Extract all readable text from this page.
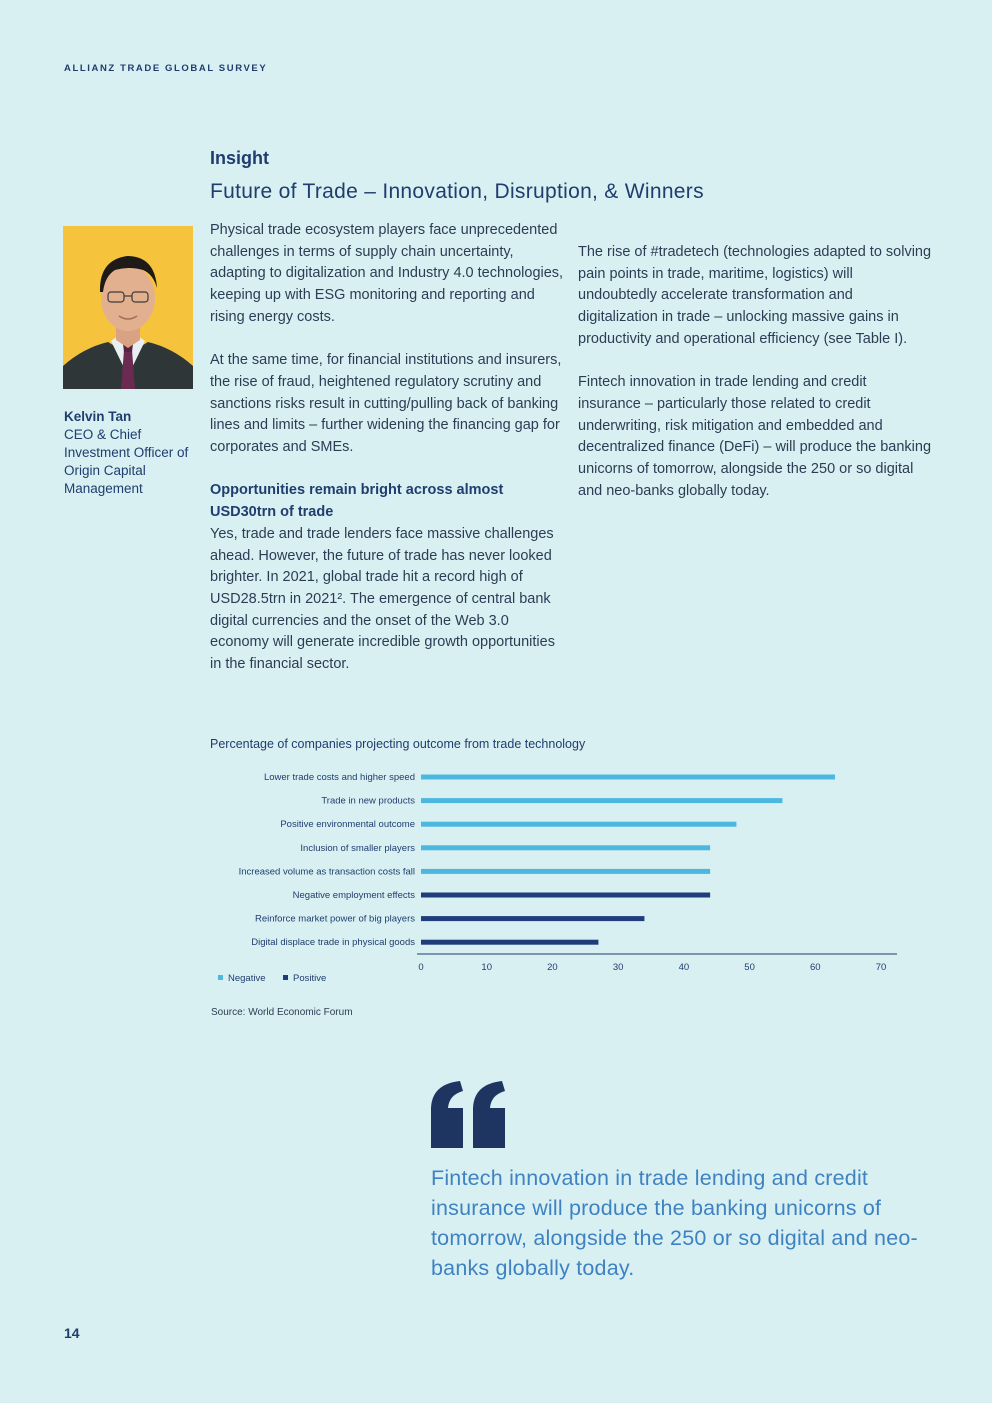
ALLIANZ TRADE GLOBAL SURVEY
Insight
Future of Trade – Innovation, Disruption, & Winners
Kelvin Tan
CEO & Chief Investment Officer of Origin Capital Management

Physical trade ecosystem players face unprecedented challenges in terms of supply chain uncertainty, adapting to digitalization and Industry 4.0 technologies, keeping up with ESG monitoring and reporting and rising energy costs.

At the same time, for financial institutions and insurers, the rise of fraud, heightened regulatory scrutiny and sanctions risks result in cutting/pulling back of banking lines and limits – further widening the financing gap for corporates and SMEs.

Opportunities remain bright across almost USD30trn of trade

Yes, trade and trade lenders face massive challenges ahead. However, the future of trade has never looked brighter. In 2021, global trade hit a record high of USD28.5trn in 2021². The emergence of central bank digital currencies and the onset of the Web 3.0 economy will generate incredible growth opportunities in the financial sector.

The rise of #tradetech (technologies adapted to solving pain points in trade, maritime, logistics) will undoubtedly accelerate transformation and digitalization in trade – unlocking massive gains in productivity and operational efficiency (see Table I).

Fintech innovation in trade lending and credit insurance – particularly those related to credit underwriting, risk mitigation and embedded and decentralized finance (DeFi) – will produce the banking unicorns of tomorrow, alongside the 250 or so digital and neo-banks globally today.

Percentage of companies projecting outcome from trade technology
Lower trade costs and higher speed
Trade in new products
Positive environmental outcome
Inclusion of smaller players
Increased volume as transaction costs fall
Negative employment effects
Reinforce market power of big players
Digital displace trade in physical goods
0	10	20	30	40	50	60	70
Negative	Positive
Source: World Economic Forum
Fintech innovation in trade lending and credit insurance will produce the banking unicorns of tomorrow, alongside the 250 or so digital and neo-banks globally today.
14
